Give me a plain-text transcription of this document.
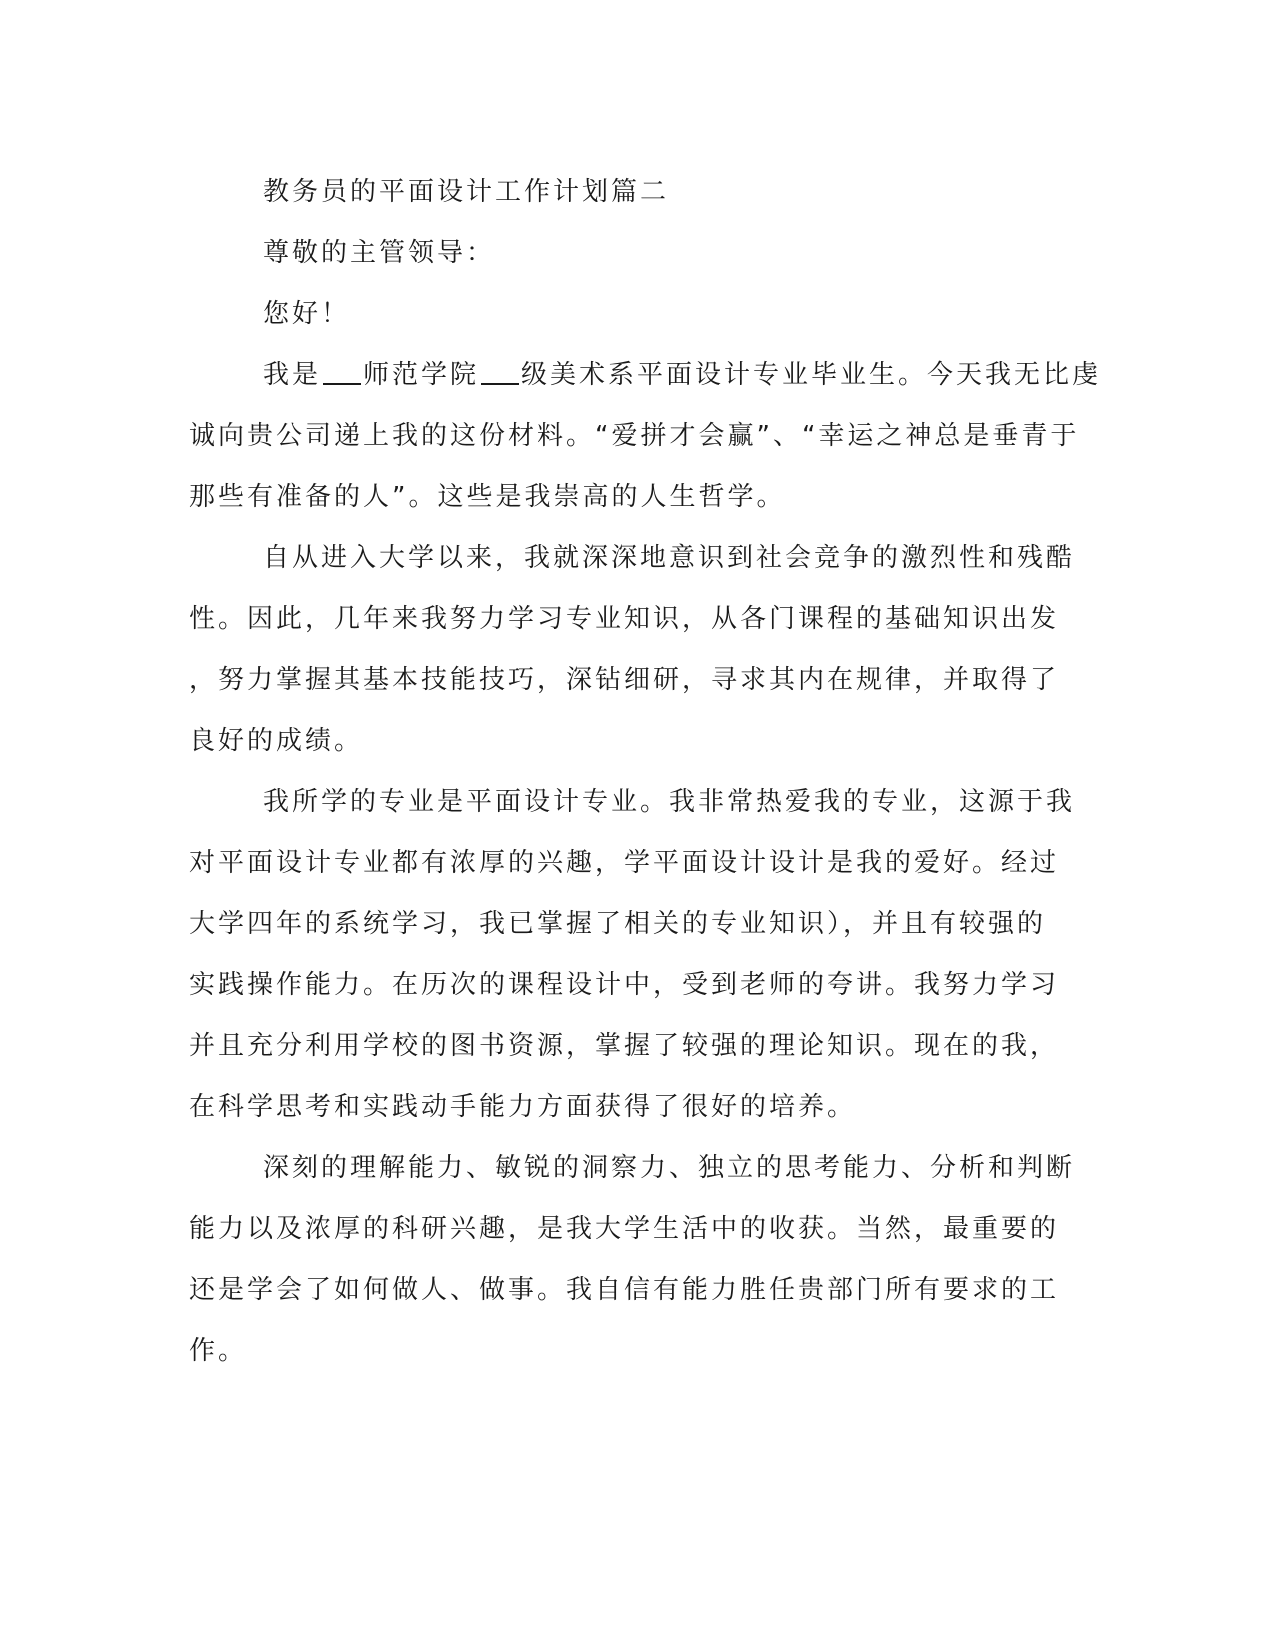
教务员的平面设计工作计划篇二
尊敬的主管领导：
您好！
我是 师范学院 级美术系平面设计专业毕业生。今天我无比虔
诚向贵公司递上我的这份材料。“爱拼才会赢”、“幸运之神总是垂青于
那些有准备的人”。这些是我崇高的人生哲学。
自从进入大学以来，我就深深地意识到社会竞争的激烈性和残酷
性。因此，几年来我努力学习专业知识，从各门课程的基础知识出发
，努力掌握其基本技能技巧，深钻细研，寻求其内在规律，并取得了
良好的成绩。
我所学的专业是平面设计专业。我非常热爱我的专业，这源于我
对平面设计专业都有浓厚的兴趣，学平面设计设计是我的爱好。经过
大学四年的系统学习，我已掌握了相关的专业知识），并且有较强的
实践操作能力。在历次的课程设计中，受到老师的夸讲。我努力学习
并且充分利用学校的图书资源，掌握了较强的理论知识。现在的我，
在科学思考和实践动手能力方面获得了很好的培养。
深刻的理解能力、敏锐的洞察力、独立的思考能力、分析和判断
能力以及浓厚的科研兴趣，是我大学生活中的收获。当然，最重要的
还是学会了如何做人、做事。我自信有能力胜任贵部门所有要求的工
作。
